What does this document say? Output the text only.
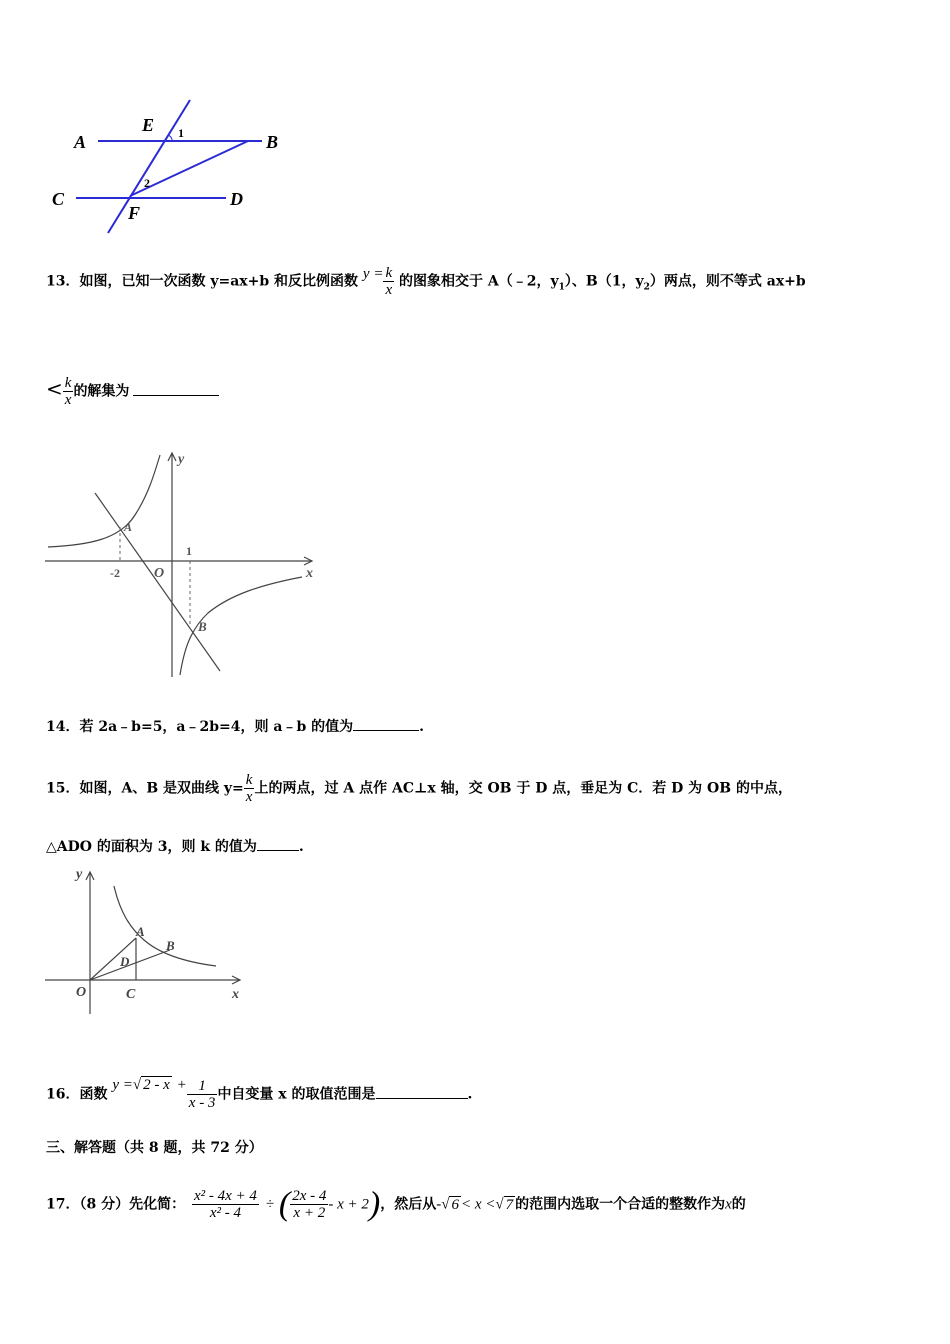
A	B
C	D
E
F
1
2
13．如图，已知一次函数 y=ax+b 和反比例函数 $y = \frac{k}{x}$ 的图象相交于 A（﹣2，$y_1$）、B（1，$y_2$）两点，则不等式 ax+b
< $\frac{k}{x}$ 的解集为
y
x
O
A
B
-2
1
14．若 2a﹣b=5，a﹣2b=4，则 a﹣b 的值为	.
15．如图，A、B 是双曲线 $y= \frac{k}{x}$ 上的两点，过 A 点作 AC⊥x 轴，交 OB 于 D 点，垂足为 C．若 D 为 OB 的中点，
△ADO 的面积为 3，则 k 的值为	.
y
x
O
A
B
C
D
16．函数 y =√ $2 - x + \frac{1}{x - 3}$ 中自变量 x 的取值范围是	.
三、解答题（共 8 题，共 72 分）
17．（8 分）先化简： $\frac{\text{x² - 4x + 4}}{\text{x² - 4}}$ ÷ ( $\frac{2x - 4}{x + 2} - x + 2$)，然后从-√ 6 < x <√ 7 的范围内选取一个合适的整数作为x的
